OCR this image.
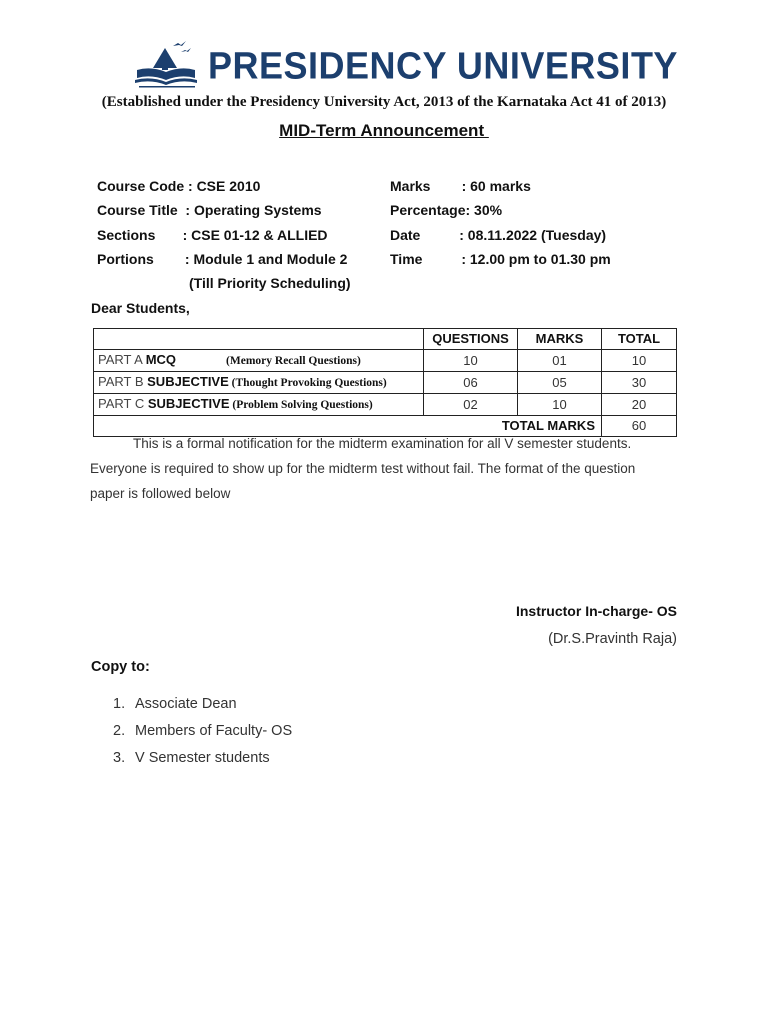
PRESIDENCY UNIVERSITY
(Established under the Presidency University Act, 2013 of the Karnataka Act 41 of 2013)
MID-Term Announcement
Course Code : CSE 2010
Course Title  : Operating Systems
Sections       : CSE 01-12 & ALLIED
Portions        : Module 1 and Module 2
(Till Priority Scheduling)
Marks        : 60 marks
Percentage: 30%
Date          : 08.11.2022 (Tuesday)
Time          : 12.00 pm to 01.30 pm
Dear Students,
	QUESTIONS	MARKS	TOTAL
PART A MCQ (Memory Recall Questions)	10	01	10
PART B SUBJECTIVE (Thought Provoking Questions)	06	05	30
PART C SUBJECTIVE (Problem Solving Questions)	02	10	20
TOTAL MARKS			60
This is a formal notification for the midterm examination for all V semester students.
Everyone is required to show up for the midterm test without fail. The format of the question
paper is followed below
Instructor In-charge- OS
(Dr.S.Pravinth Raja)
Copy to:
1. Associate Dean
2. Members of Faculty- OS
3. V Semester students
